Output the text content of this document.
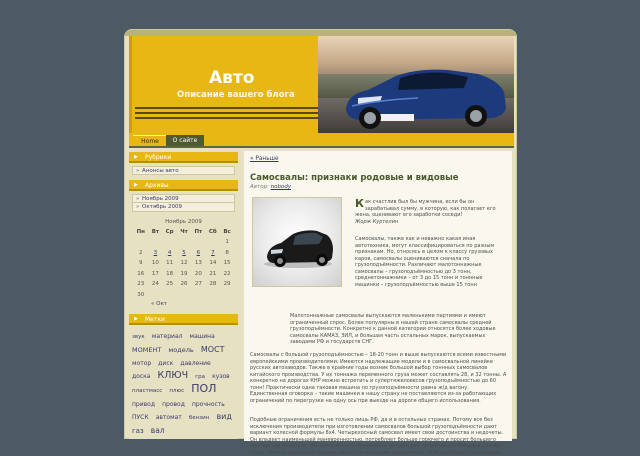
Авто
Описание вашего блога
Home	О сайте
▶ Рубрики
» Анонсы авто
▶ Архивы
» Ноябрь 2009
» Октябрь 2009
Ноябрь 2009
Пн	Вт	Ср	Чт	Пт	Сб	Вс
						1
2	3	4	5	6	7	8
9	10	11	12	13	14	15
16	17	18	19	20	21	22
23	24	25	26	27	28	29
30						
« Окт
▶ Метки
звук материал машина МОМЕНТ модель МОСТ мотор диск давление доска КЛЮЧ гра кузов пластмасс плюс ПОЛ привод провод прочность ПУСК автомат бензин вид газ вал
« Раньше
Самосвалы: признаки родовые и видовые
Автор: nobody
К ак счастлив был бы мужчина, если бы он зарабатывал сумму, в которую, как полагает его жена, оценивают его заработки соседи!
Жорж Куртелин
Самосвалы, также как и неважно какая иная автотехника, могут классифицироваться по разным признакам. Но, относясь в целом к классу грузовых каров, самосвалы оцениваются сначала по грузоподъёмности. Различают малотоннажные самосвалы – грузоподъёмностью до 3 тонн, среднетоннажники – от 3 до 15 тонн и тоннные машинки – грузоподъёмностью выше 15 тонн
Малотоннажные самосвалы выпускаются маленькими партиями и имеют ограниченный спрос. Более популярны в нашей стране самосвалы средней грузоподъёмности. Конкретно к данной категории относятся более ходовые самосвалы КАМАЗ, ЗИЛ, и большая часть остальных марок, выпускаемых заводами РФ и государств СНГ.
Самосвалы с большой грузоподъёмностью – 18-20 тонн и выше выпускаются всеми известными европейскими производителями. Имеются надлежащие модели и в самосвальной линейке русских автозаводов. Также в крайние годы возник большой выбор тоннных самосвалов китайского производства. У их тоннажа переменного груза может составлять 28, и 32 тонны. А конкретно на дорогах КНР можно встретить и супертяжеловесов грузоподъёмностью до 60 тонн! Практически одна таковая машина по грузоподъёмности равна ж/д вагону. Единственная оговорка – такие машинки в нашу страну не поставляются из-за работающих ограничений по перегрузке на одну ось при выезде на дороги общего использования.
Подобные ограничения есть не только лишь РФ, да и в остальных странах. Потому все без исключения производители при изготовлении самосвалов большой грузоподъёмности дают вариант колесной формулы 8х4. Четырехосный самосвал имеет свои достоинства и недочеты. Он владеет наименьшей маневренностью, потребляет больше горючего и просит большего мастерства водителя. Но, возможность перевозить за один раз существенно больший размер груза, чем на трехосной машине является неплохим аргументом, чтоб приобрести самосвалы
